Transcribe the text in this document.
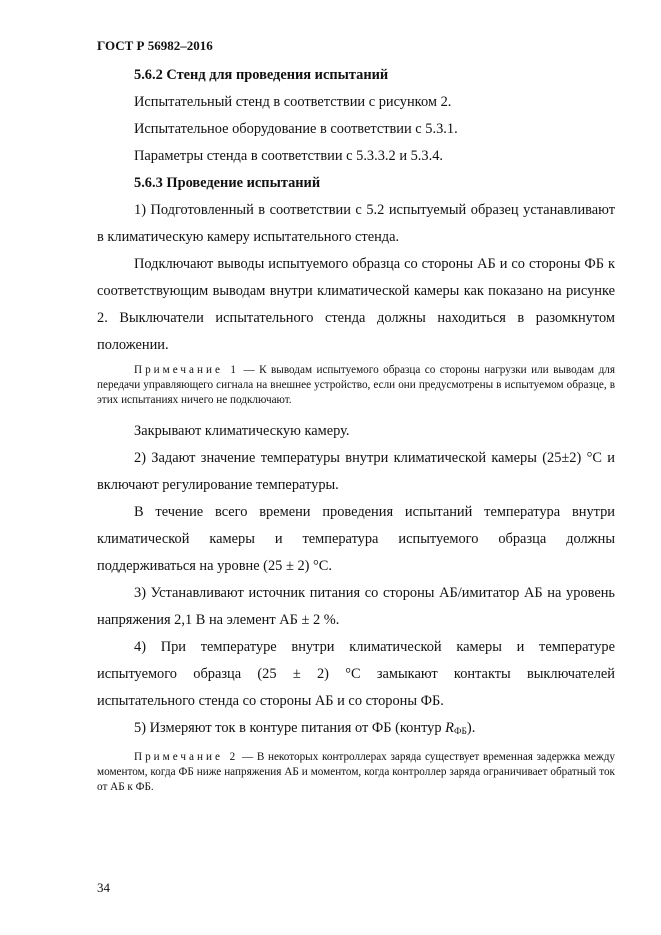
ГОСТ Р 56982–2016

5.6.2 Стенд для проведения испытаний

Испытательный стенд в соответствии с рисунком 2.

Испытательное оборудование в соответствии с 5.3.1.

Параметры стенда в соответствии с 5.3.3.2 и 5.3.4.

5.6.3 Проведение испытаний

1) Подготовленный в соответствии с 5.2 испытуемый образец устанавливают в климатическую камеру испытательного стенда.

Подключают выводы испытуемого образца со стороны АБ и со стороны ФБ к соответствующим выводам внутри климатической камеры как показано на рисунке 2. Выключатели испытательного стенда должны находиться в разомкнутом положении.

Примечание 1 — К выводам испытуемого образца со стороны нагрузки или выводам для передачи управляющего сигнала на внешнее устройство, если они предусмотрены в испытуемом образце, в этих испытаниях ничего не подключают.

Закрывают климатическую камеру.

2) Задают значение температуры внутри климатической камеры (25±2) °С и включают регулирование температуры.

В течение всего времени проведения испытаний температура внутри климатической камеры и температура испытуемого образца должны поддерживаться на уровне (25 ± 2) °С.

3) Устанавливают источник питания со стороны АБ/имитатор АБ на уровень напряжения 2,1 В на элемент АБ ± 2 %.

4) При температуре внутри климатической камеры и температуре испытуемого образца (25 ± 2) °С замыкают контакты выключателей испытательного стенда со стороны АБ и со стороны ФБ.

5) Измеряют ток в контуре питания от ФБ (контур $R_{ФБ}$).

Примечание 2 — В некоторых контроллерах заряда существует временная задержка между моментом, когда ФБ ниже напряжения АБ и моментом, когда контроллер заряда ограничивает обратный ток от АБ к ФБ.

34
